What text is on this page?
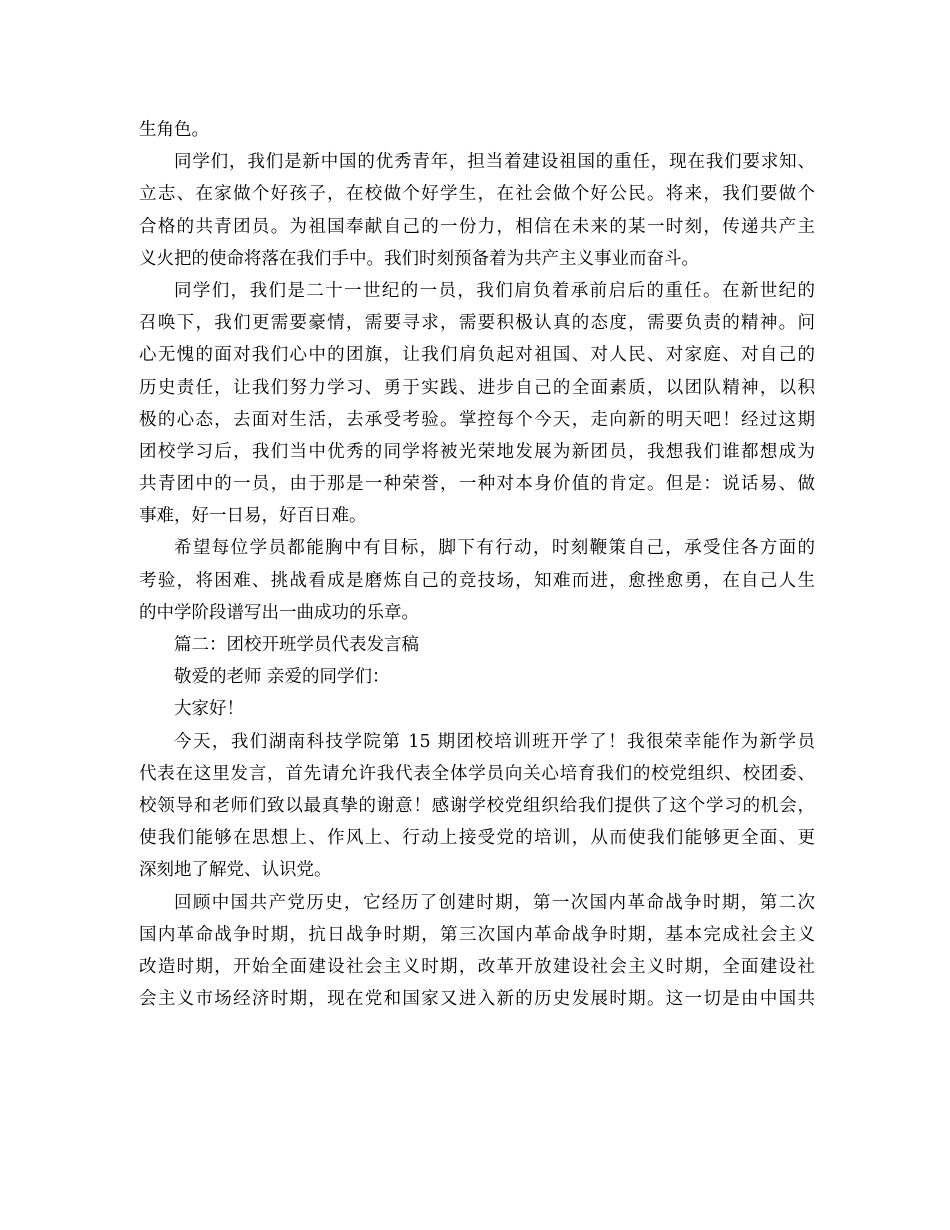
生角色。
同学们，我们是新中国的优秀青年，担当着建设祖国的重任，现在我们要求知、
立志、在家做个好孩子，在校做个好学生，在社会做个好公民。将来，我们要做个
合格的共青团员。为祖国奉献自己的一份力，相信在未来的某一时刻，传递共产主
义火把的使命将落在我们手中。我们时刻预备着为共产主义事业而奋斗。
同学们，我们是二十一世纪的一员，我们肩负着承前启后的重任。在新世纪的
召唤下，我们更需要豪情，需要寻求，需要积极认真的态度，需要负责的精神。问
心无愧的面对我们心中的团旗，让我们肩负起对祖国、对人民、对家庭、对自己的
历史责任，让我们努力学习、勇于实践、进步自己的全面素质，以团队精神，以积
极的心态，去面对生活，去承受考验。掌控每个今天，走向新的明天吧！经过这期
团校学习后，我们当中优秀的同学将被光荣地发展为新团员，我想我们谁都想成为
共青团中的一员，由于那是一种荣誉，一种对本身价值的肯定。但是：说话易、做
事难，好一日易，好百日难。
希望每位学员都能胸中有目标，脚下有行动，时刻鞭策自己，承受住各方面的
考验，将困难、挑战看成是磨炼自己的竞技场，知难而进，愈挫愈勇，在自己人生
的中学阶段谱写出一曲成功的乐章。
篇二：团校开班学员代表发言稿
敬爱的老师 亲爱的同学们：
大家好！
今天，我们湖南科技学院第 15 期团校培训班开学了！我很荣幸能作为新学员
代表在这里发言，首先请允许我代表全体学员向关心培育我们的校党组织、校团委、
校领导和老师们致以最真挚的谢意！感谢学校党组织给我们提供了这个学习的机会，
使我们能够在思想上、作风上、行动上接受党的培训，从而使我们能够更全面、更
深刻地了解党、认识党。
回顾中国共产党历史，它经历了创建时期，第一次国内革命战争时期，第二次
国内革命战争时期，抗日战争时期，第三次国内革命战争时期，基本完成社会主义
改造时期，开始全面建设社会主义时期，改革开放建设社会主义时期，全面建设社
会主义市场经济时期，现在党和国家又进入新的历史发展时期。这一切是由中国共
